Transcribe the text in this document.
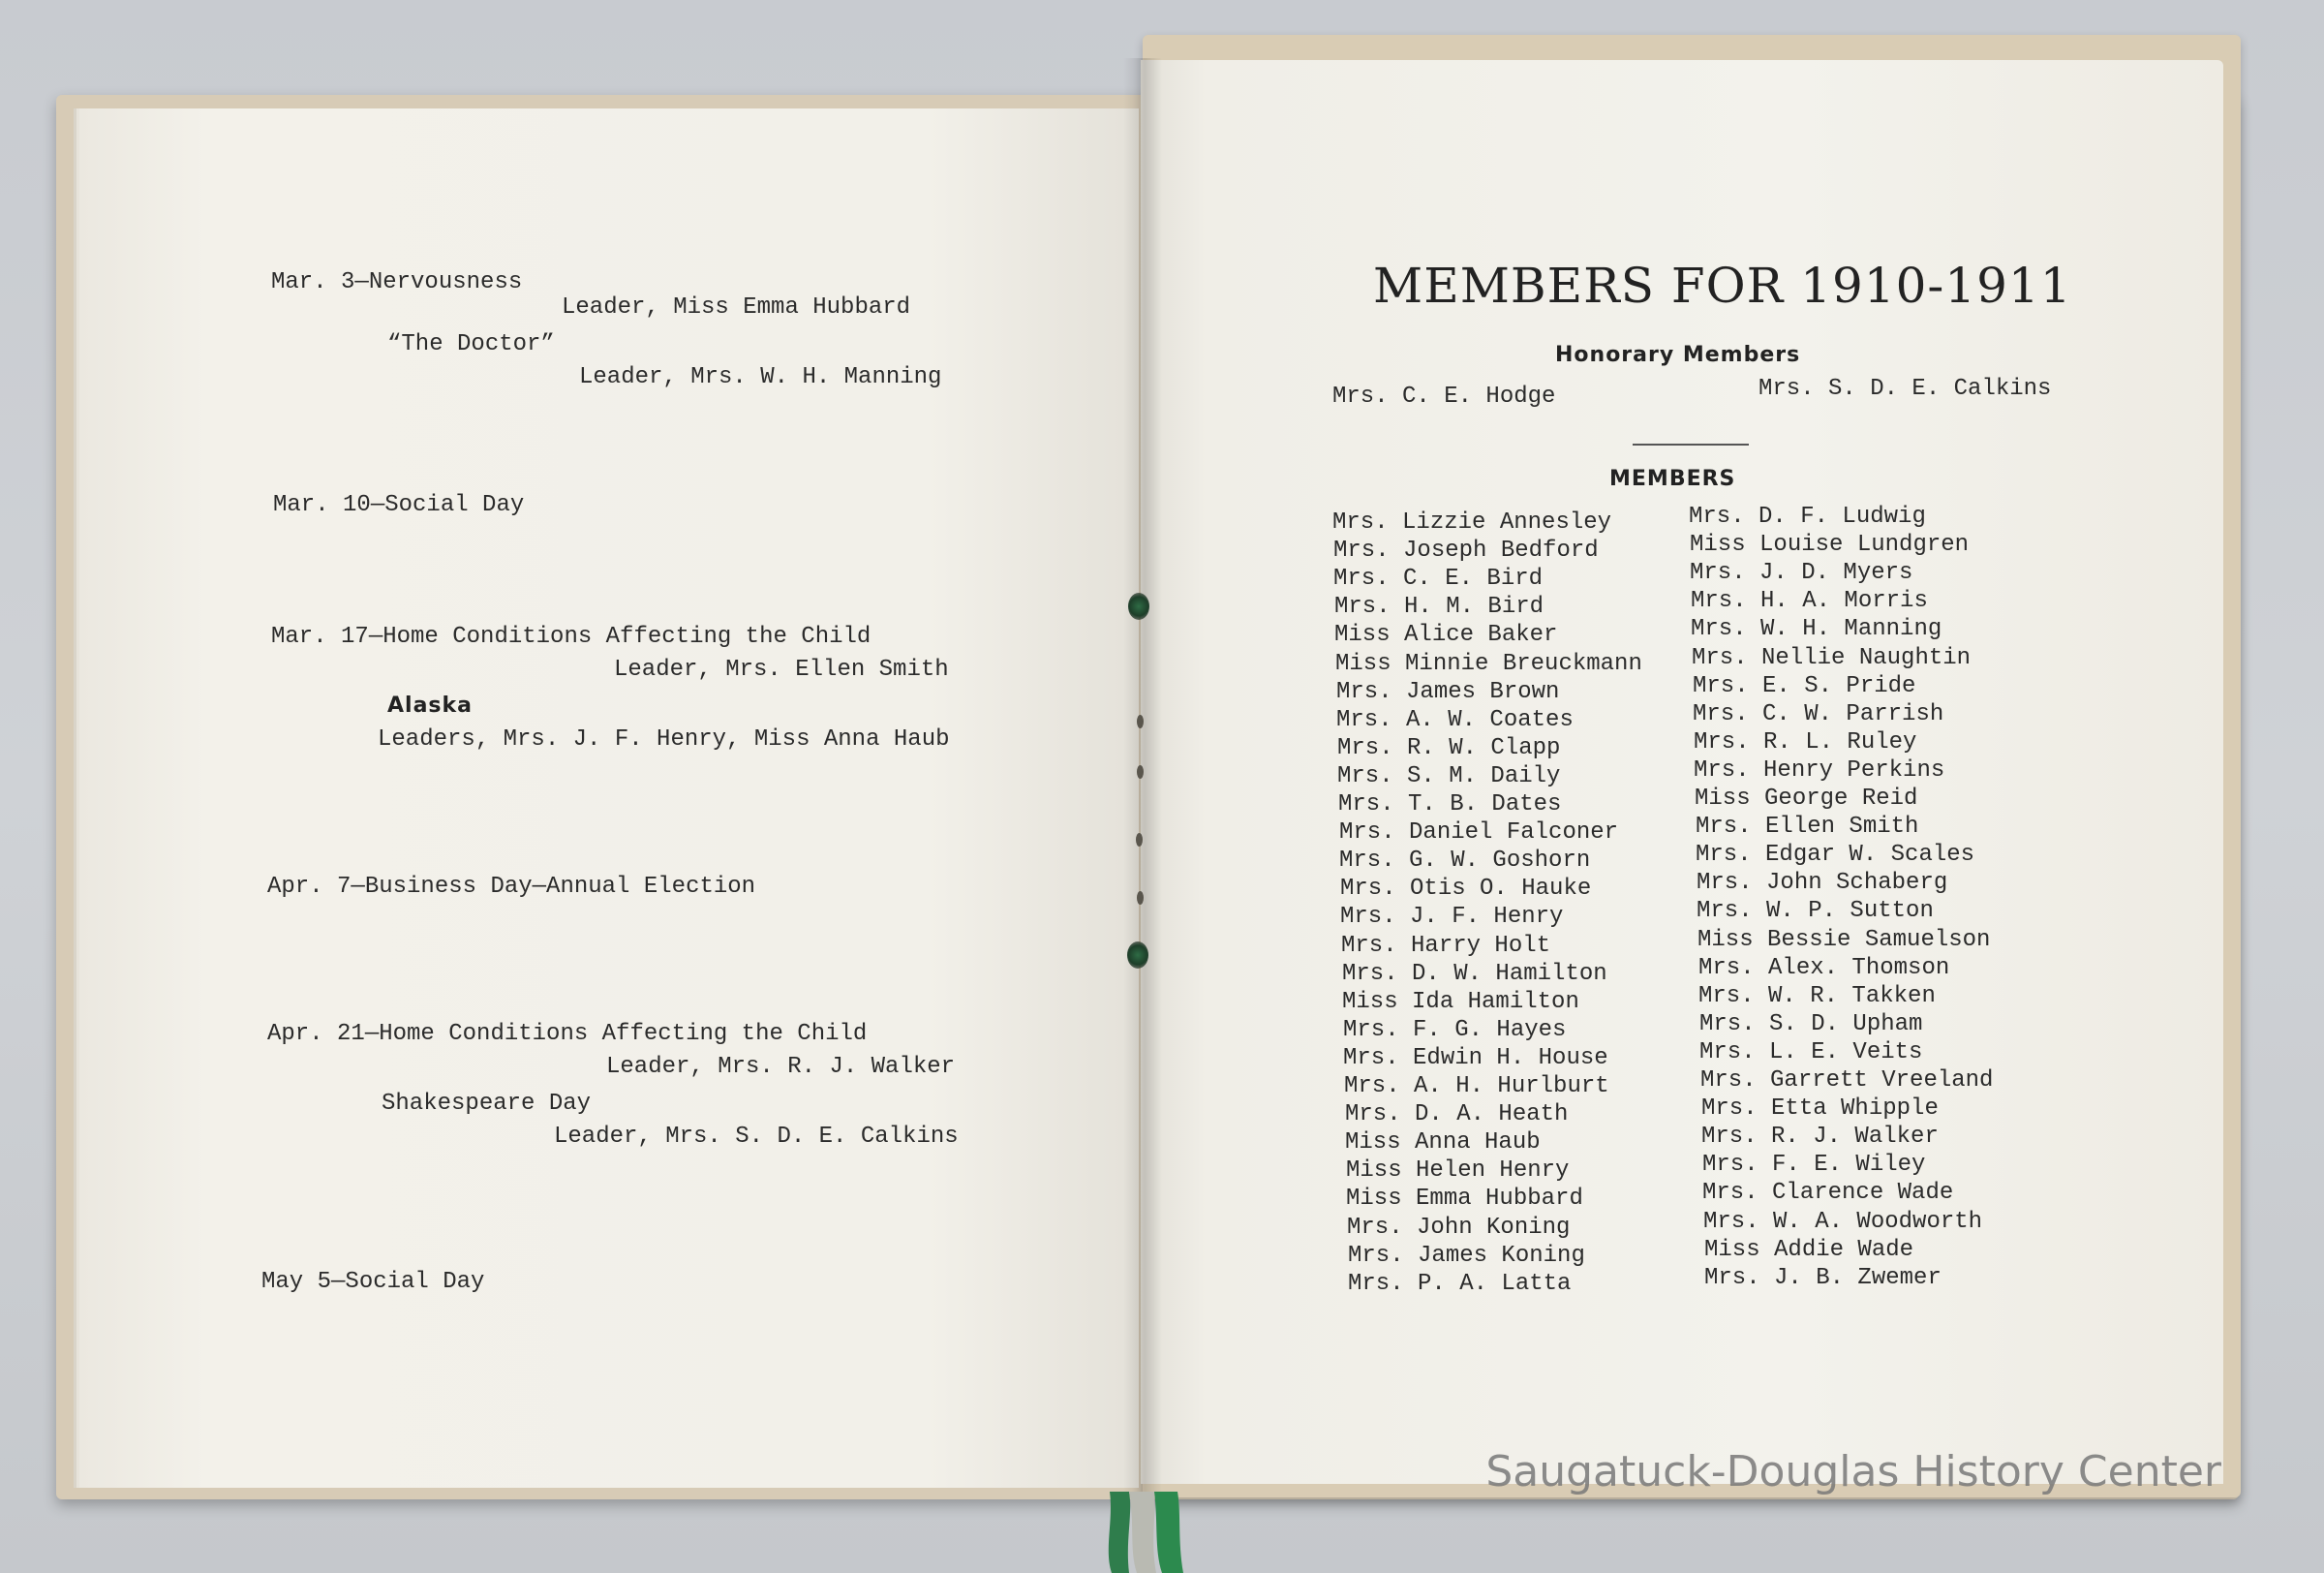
Mar. 3—Nervousness
Leader, Miss Emma Hubbard
“The Doctor”
Leader, Mrs. W. H. Manning
Mar. 10—Social Day
Mar. 17—Home Conditions Affecting the Child
Leader, Mrs. Ellen Smith
Alaska
Leaders, Mrs. J. F. Henry, Miss Anna Haub
Apr. 7—Business Day—Annual Election
Apr. 21—Home Conditions Affecting the Child
Leader, Mrs. R. J. Walker
Shakespeare Day
Leader, Mrs. S. D. E. Calkins
May 5—Social Day
MEMBERS FOR 1910-1911
Honorary Members
Mrs. C. E. Hodge	Mrs. S. D. E. Calkins
MEMBERS
Saugatuck-Douglas History Center
Mrs. Lizzie Annesley
Mrs. Joseph Bedford
Mrs. C. E. Bird
Mrs. H. M. Bird
Miss Alice Baker
Miss Minnie Breuckmann
Mrs. James Brown
Mrs. A. W. Coates
Mrs. R. W. Clapp
Mrs. S. M. Daily
Mrs. T. B. Dates
Mrs. Daniel Falconer
Mrs. G. W. Goshorn
Mrs. Otis O. Hauke
Mrs. J. F. Henry
Mrs. Harry Holt
Mrs. D. W. Hamilton
Miss Ida Hamilton
Mrs. F. G. Hayes
Mrs. Edwin H. House
Mrs. A. H. Hurlburt
Mrs. D. A. Heath
Miss Anna Haub
Miss Helen Henry
Miss Emma Hubbard
Mrs. John Koning
Mrs. James Koning
Mrs. P. A. Latta
Mrs. D. F. Ludwig
Miss Louise Lundgren
Mrs. J. D. Myers
Mrs. H. A. Morris
Mrs. W. H. Manning
Mrs. Nellie Naughtin
Mrs. E. S. Pride
Mrs. C. W. Parrish
Mrs. R. L. Ruley
Mrs. Henry Perkins
Miss George Reid
Mrs. Ellen Smith
Mrs. Edgar W. Scales
Mrs. John Schaberg
Mrs. W. P. Sutton
Miss Bessie Samuelson
Mrs. Alex. Thomson
Mrs. W. R. Takken
Mrs. S. D. Upham
Mrs. L. E. Veits
Mrs. Garrett Vreeland
Mrs. Etta Whipple
Mrs. R. J. Walker
Mrs. F. E. Wiley
Mrs. Clarence Wade
Mrs. W. A. Woodworth
Miss Addie Wade
Mrs. J. B. Zwemer
